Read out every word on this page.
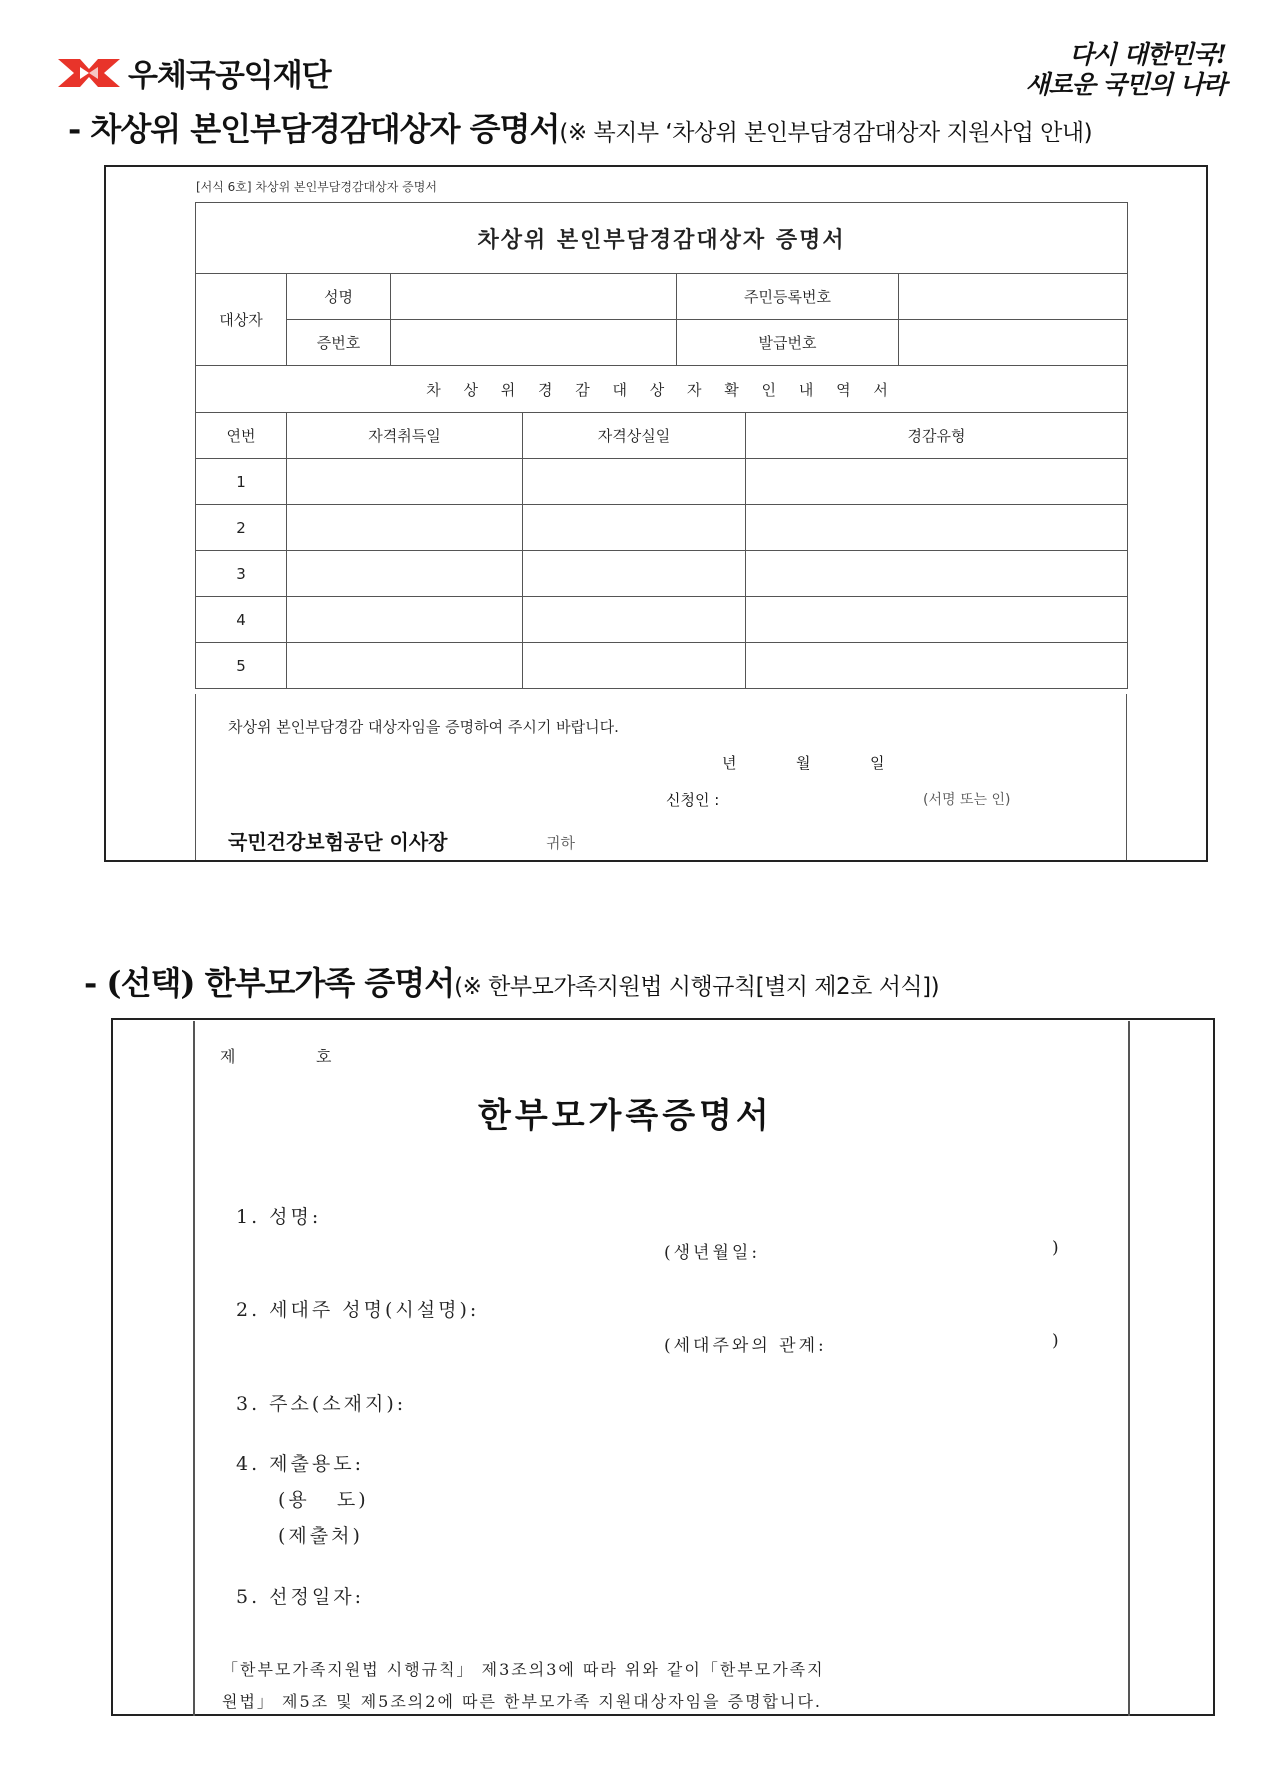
우체국공익재단
다시 대한민국!
새로운 국민의 나라
- 차상위 본인부담경감대상자 증명서(※ 복지부 ‘차상위 본인부담경감대상자 지원사업 안내)
[서식 6호] 차상위 본인부담경감대상자 증명서
차상위 본인부담경감대상자 증명서						
대상자	성명			주민등록번호		
	증번호			발급번호		
차 상 위 경 감 대 상 자 확 인 내 역 서						
연번	자격취득일		자격상실일		경감유형	
1						
2						
3						
4						
5						
차상위 본인부담경감 대상자임을 증명하여 주시기 바랍니다.
년	월	일
신청인 :	(서명 또는 인)
국민건강보험공단 이사장	귀하
- (선택) 한부모가족 증명서(※ 한부모가족지원법 시행규칙[별지 제2호 서식])
제	호
한부모가족증명서
1. 성명:
(생년월일:	)
2. 세대주 성명(시설명):
(세대주와의 관계:	)
3. 주소(소재지):
4. 제출용도:
(용   도)
(제출처)
5. 선정일자:
「한부모가족지원법 시행규칙」 제3조의3에 따라 위와 같이「한부모가족지
원법」 제5조 및 제5조의2에 따른 한부모가족 지원대상자임을 증명합니다.
